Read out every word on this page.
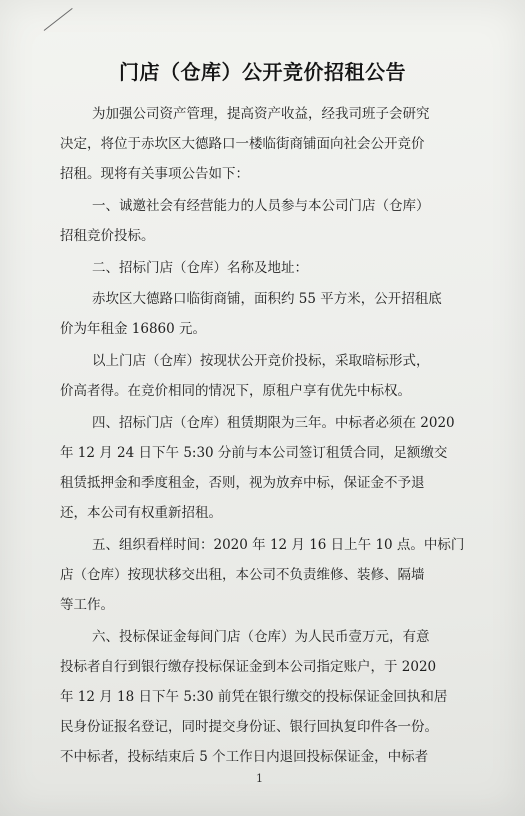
门店（仓库）公开竞价招租公告
为加强公司资产管理，提高资产收益，经我司班子会研究
决定，将位于赤坎区大德路口一楼临街商铺面向社会公开竞价
招租。现将有关事项公告如下：
一、诚邀社会有经营能力的人员参与本公司门店（仓库）
招租竞价投标。
二、招标门店（仓库）名称及地址：
赤坎区大德路口临街商铺，面积约 55 平方米，公开招租底
价为年租金 16860 元。
以上门店（仓库）按现状公开竞价投标，采取暗标形式，
价高者得。在竞价相同的情况下，原租户享有优先中标权。
四、招标门店（仓库）租赁期限为三年。中标者必须在 2020
年 12 月 24 日下午 5:30 分前与本公司签订租赁合同，足额缴交
租赁抵押金和季度租金，否则，视为放弃中标，保证金不予退
还，本公司有权重新招租。
五、组织看样时间：2020 年 12 月 16 日上午 10 点。中标门
店（仓库）按现状移交出租，本公司不负责维修、装修、隔墙
等工作。
六、投标保证金每间门店（仓库）为人民币壹万元，有意
投标者自行到银行缴存投标保证金到本公司指定账户，于 2020
年 12 月 18 日下午 5:30 前凭在银行缴交的投标保证金回执和居
民身份证报名登记，同时提交身份证、银行回执复印件各一份。
不中标者，投标结束后 5 个工作日内退回投标保证金，中标者
1
